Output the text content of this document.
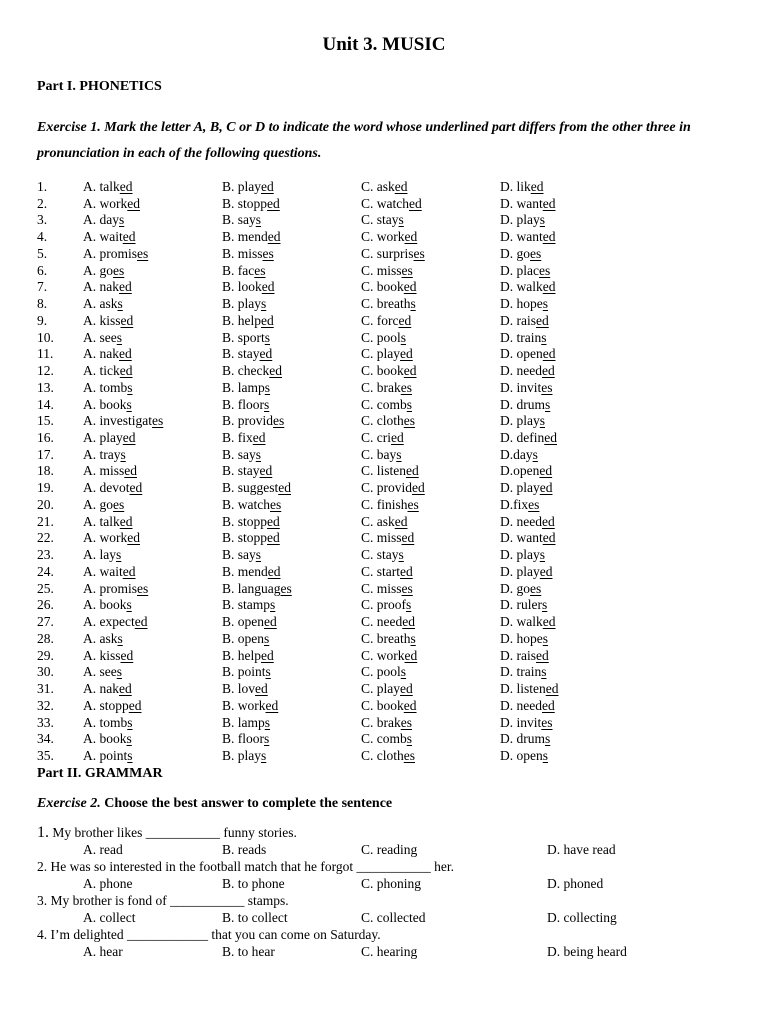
Unit 3. MUSIC
Part I. PHONETICS
Exercise 1. Mark the letter A, B, C or D to indicate the word whose underlined part differs from the other three in pronunciation in each of the following questions.
1.	A. talked	B. played	C. asked	D. liked
2.	A. worked	B. stopped	C. watched	D. wanted
3.	A. days	B. says	C. stays	D. plays
4.	A. waited	B. mended	C. worked	D. wanted
5.	A. promises	B. misses	C. surprises	D. goes
6.	A. goes	B. faces	C. misses	D. places
7.	A. naked	B. looked	C. booked	D. walked
8.	A. asks	B. plays	C. breaths	D. hopes
9.	A. kissed	B. helped	C. forced	D. raised
10. A. sees	B. sports	C. pools	D. trains
11. A. naked	B. stayed	C. played	D. opened
12. A. ticked	B. checked	C. booked	D. needed
13. A. tombs	B. lamps	C. brakes	D. invites
14. A. books	B. floors	C. combs	D. drums
15. A. investigates	B. provides	C. clothes	D. plays
16. A. played	B. fixed	C. cried	D. defined
17. A. trays	B. says	C. bays	D.days
18. A. missed	B. stayed	C. listened	D.opened
19. A. devoted	B. suggested	C. provided	D. played
20. A. goes	B. watches	C. finishes	D.fixes
21. A. talked	B. stopped	C. asked	D. needed
22. A. worked	B. stopped	C. missed	D. wanted
23. A. lays	B. says	C. stays	D. plays
24. A. waited	B. mended	C. started	D. played
25. A. promises	B. languages	C. misses	D. goes
26. A. books	B. stamps	C. proofs	D. rulers
27. A. expected	B. opened	C. needed	D. walked
28. A. asks	B. opens	C. breaths	D. hopes
29. A. kissed	B. helped	C. worked	D. raised
30. A. sees	B. points	C. pools	D. trains
31. A. naked	B. loved	C. played	D. listened
32. A. stopped	B. worked	C. booked	D. needed
33. A. tombs	B. lamps	C. brakes	D. invites
34. A. books	B. floors	C. combs	D. drums
35. A. points	B. plays	C. clothes	D. opens
Part II. GRAMMAR
Exercise 2. Choose the best answer to complete the sentence
1. My brother likes ___________ funny stories.
A. read	B. reads	C. reading	D. have read
2. He was so interested in the football match that he forgot ___________ her.
A. phone	B. to phone	C. phoning	D. phoned
3. My brother is fond of ___________ stamps.
A. collect	B. to collect	C. collected	D. collecting
4. I’m delighted ____________ that you can come on Saturday.
A. hear	B. to hear	C. hearing	D. being heard
